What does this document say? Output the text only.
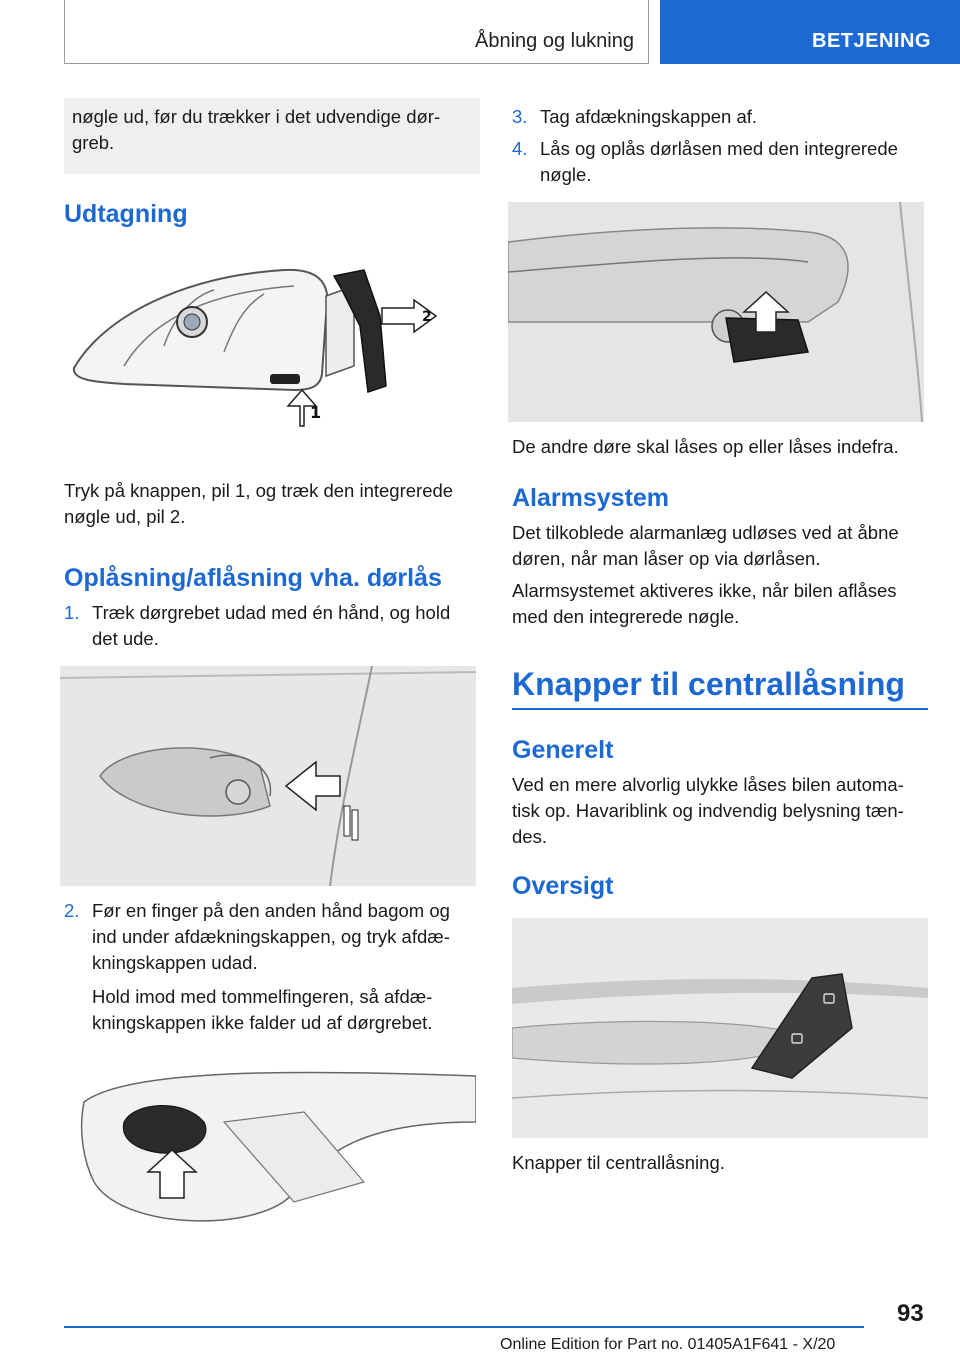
Åbning og lukning	BETJENING
nøgle ud, før du trækker i det udvendige dør‐greb.
Udtagning
2
1
Tryk på knappen, pil 1, og træk den integrerede nøgle ud, pil 2.
Oplåsning/aflåsning vha. dørlås
1. Træk dørgrebet udad med én hånd, og hold det ude.
2. Før en finger på den anden hånd bagom og ind under afdækningskappen, og tryk afdæ‐kningskappen udad.
Hold imod med tommelfingeren, så afdæ‐kningskappen ikke falder ud af dørgrebet.
3. Tag afdækningskappen af.
4. Lås og oplås dørlåsen med den integrerede nøgle.
De andre døre skal låses op eller låses indefra.
Alarmsystem
Det tilkoblede alarmanlæg udløses ved at åbne døren, når man låser op via dørlåsen.
Alarmsystemet aktiveres ikke, når bilen aflåses med den integrerede nøgle.
Knapper til centrallåsning
Generelt
Ved en mere alvorlig ulykke låses bilen automa‐tisk op. Havariblink og indvendig belysning tæn‐des.
Oversigt
Knapper til centrallåsning.
93
Online Edition for Part no. 01405A1F641 - X/20
